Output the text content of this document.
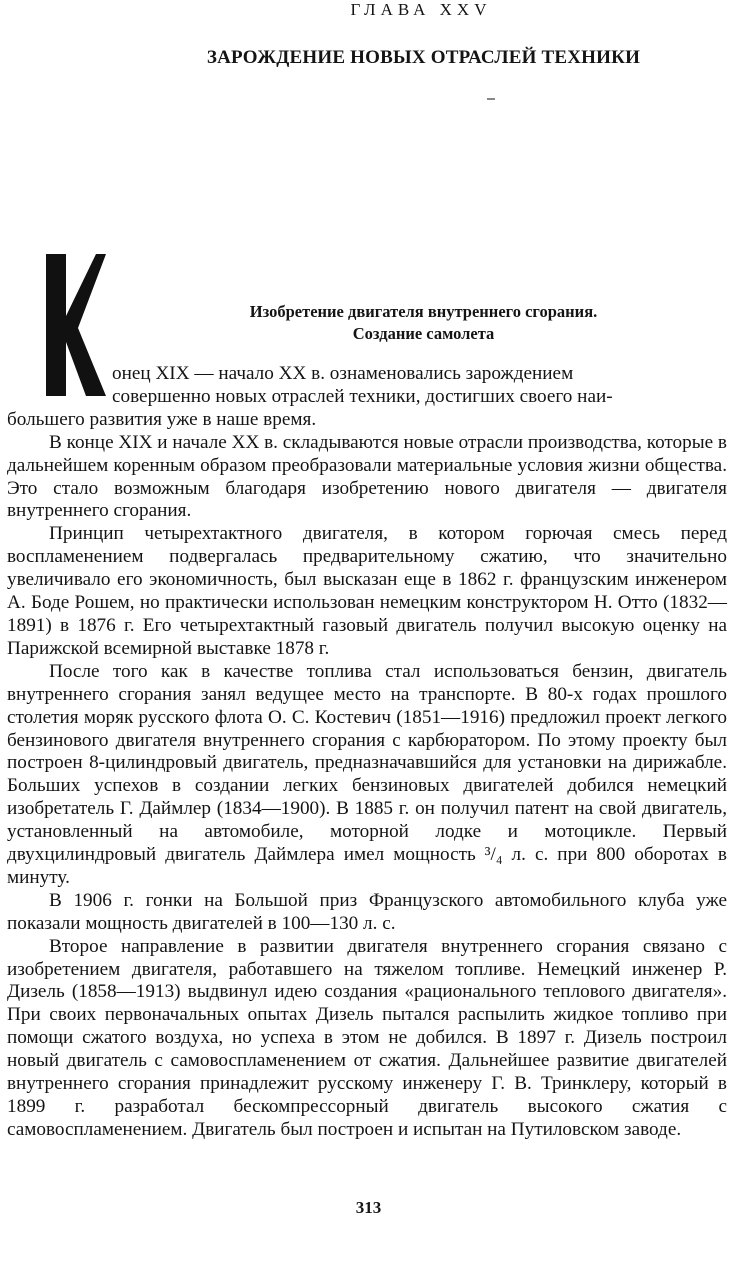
ГЛАВА XXV
ЗАРОЖДЕНИЕ НОВЫХ ОТРАСЛЕЙ ТЕХНИКИ
Изобретение двигателя внутреннего сгорания.
Создание самолета

онец XIX — начало XX в. ознаменовались зарождением
совершенно новых отраслей техники, достигших своего наи-
большего развития уже в наше время.

В конце XIX и начале XX в. складываются новые отрасли производства, которые в дальнейшем коренным образом преобразовали материальные условия жизни общества. Это стало возможным благодаря изобретению нового двигателя — двигателя внутреннего сгорания.

Принцип четырехтактного двигателя, в котором горючая смесь перед воспламенением подвергалась предварительному сжатию, что значительно увеличивало его экономичность, был высказан еще в 1862 г. французским инженером А. Боде Рошем, но практически использован немецким конструктором Н. Отто (1832—1891) в 1876 г. Его четырехтактный газовый двигатель получил высокую оценку на Парижской всемирной выставке 1878 г.

После того как в качестве топлива стал использоваться бензин, двигатель внутреннего сгорания занял ведущее место на транспорте. В 80-х годах прошлого столетия моряк русского флота О. С. Костевич (1851—1916) предложил проект легкого бензинового двигателя внутреннего сгорания с карбюратором. По этому проекту был построен 8-цилиндровый двигатель, предназначавшийся для установки на дирижабле. Больших успехов в создании легких бензиновых двигателей добился немецкий изобретатель Г. Даймлер (1834—1900). В 1885 г. он получил патент на свой двигатель, установленный на автомобиле, моторной лодке и мотоцикле. Первый двухцилиндровый двигатель Даймлера имел мощность ³/₄ л. с. при 800 оборотах в минуту.

В 1906 г. гонки на Большой приз Французского автомобильного клуба уже показали мощность двигателей в 100—130 л. с.

Второе направление в развитии двигателя внутреннего сгорания связано с изобретением двигателя, работавшего на тяжелом топливе. Немецкий инженер Р. Дизель (1858—1913) выдвинул идею создания «рационального теплового двигателя». При своих первоначальных опытах Дизель пытался распылить жидкое топливо при помощи сжатого воздуха, но успеха в этом не добился. В 1897 г. Дизель построил новый двигатель с самовоспламенением от сжатия. Дальнейшее развитие двигателей внутреннего сгорания принадлежит русскому инженеру Г. В. Тринклеру, который в 1899 г. разработал бескомпрессорный двигатель высокого сжатия с самовоспламенением. Двигатель был построен и испытан на Путиловском заводе.

313
